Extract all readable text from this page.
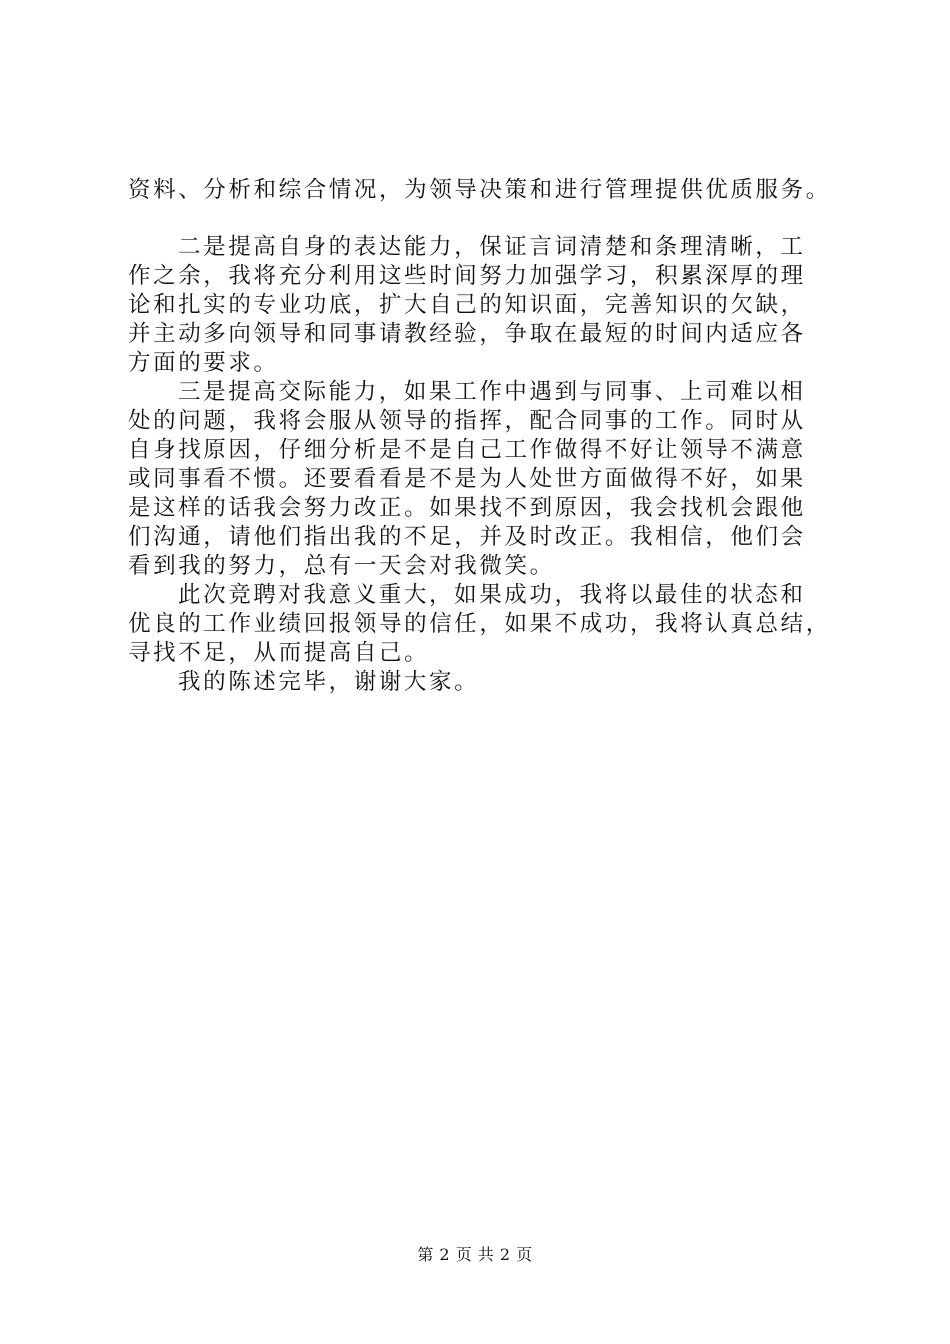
资料、分析和综合情况，为领导决策和进行管理提供优质服务。
二是提高自身的表达能力，保证言词清楚和条理清晰，工
作之余，我将充分利用这些时间努力加强学习，积累深厚的理
论和扎实的专业功底，扩大自己的知识面，完善知识的欠缺，
并主动多向领导和同事请教经验，争取在最短的时间内适应各
方面的要求。
三是提高交际能力，如果工作中遇到与同事、上司难以相
处的问题，我将会服从领导的指挥，配合同事的工作。同时从
自身找原因，仔细分析是不是自己工作做得不好让领导不满意
或同事看不惯。还要看看是不是为人处世方面做得不好，如果
是这样的话我会努力改正。如果找不到原因，我会找机会跟他
们沟通，请他们指出我的不足，并及时改正。我相信，他们会
看到我的努力，总有一天会对我微笑。
此次竞聘对我意义重大，如果成功，我将以最佳的状态和
优良的工作业绩回报领导的信任，如果不成功，我将认真总结，
寻找不足，从而提高自己。
我的陈述完毕，谢谢大家。
第 2 页 共 2 页
